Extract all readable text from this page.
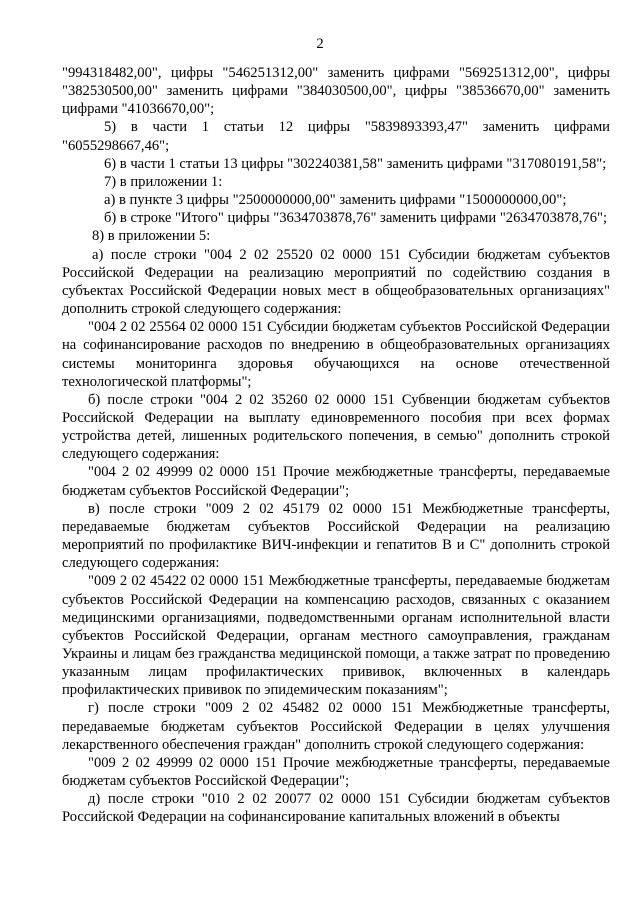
2

"994318482,00", цифры "546251312,00" заменить цифрами "569251312,00", цифры "382530500,00" заменить цифрами "384030500,00", цифры "38536670,00" заменить цифрами "41036670,00";

5) в части 1 статьи 12 цифры "5839893393,47" заменить цифрами "6055298667,46";

6) в части 1 статьи 13 цифры "302240381,58" заменить цифрами "317080191,58";

7) в приложении 1:

а) в пункте 3 цифры "2500000000,00" заменить цифрами "1500000000,00";

б) в строке "Итого" цифры "3634703878,76" заменить цифрами "2634703878,76";

8) в приложении 5:

а) после строки "004 2 02 25520 02 0000 151 Субсидии бюджетам субъектов Российской Федерации на реализацию мероприятий по содействию создания в субъектах Российской Федерации новых мест в общеобразовательных организациях" дополнить строкой следующего содержания:

"004 2 02 25564 02 0000 151 Субсидии бюджетам субъектов Российской Федерации на софинансирование расходов по внедрению в общеобразовательных организациях системы мониторинга здоровья обучающихся на основе отечественной технологической платформы";

б) после строки "004 2 02 35260 02 0000 151 Субвенции бюджетам субъектов Российской Федерации на выплату единовременного пособия при всех формах устройства детей, лишенных родительского попечения, в семью" дополнить строкой следующего содержания:

"004 2 02 49999 02 0000 151 Прочие межбюджетные трансферты, передаваемые бюджетам субъектов Российской Федерации";

в) после строки "009 2 02 45179 02 0000 151 Межбюджетные трансферты, передаваемые бюджетам субъектов Российской Федерации на реализацию мероприятий по профилактике ВИЧ-инфекции и гепатитов В и С" дополнить строкой следующего содержания:

"009 2 02 45422 02 0000 151 Межбюджетные трансферты, передаваемые бюджетам субъектов Российской Федерации на компенсацию расходов, связанных с оказанием медицинскими организациями, подведомственными органам исполнительной власти субъектов Российской Федерации, органам местного самоуправления, гражданам Украины и лицам без гражданства медицинской помощи, а также затрат по проведению указанным лицам профилактических прививок, включенных в календарь профилактических прививок по эпидемическим показаниям";

г) после строки "009 2 02 45482 02 0000 151 Межбюджетные трансферты, передаваемые бюджетам субъектов Российской Федерации в целях улучшения лекарственного обеспечения граждан" дополнить строкой следующего содержания:

"009 2 02 49999 02 0000 151 Прочие межбюджетные трансферты, передаваемые бюджетам субъектов Российской Федерации";

д) после строки "010 2 02 20077 02 0000 151 Субсидии бюджетам субъектов Российской Федерации на софинансирование капитальных вложений в объекты
